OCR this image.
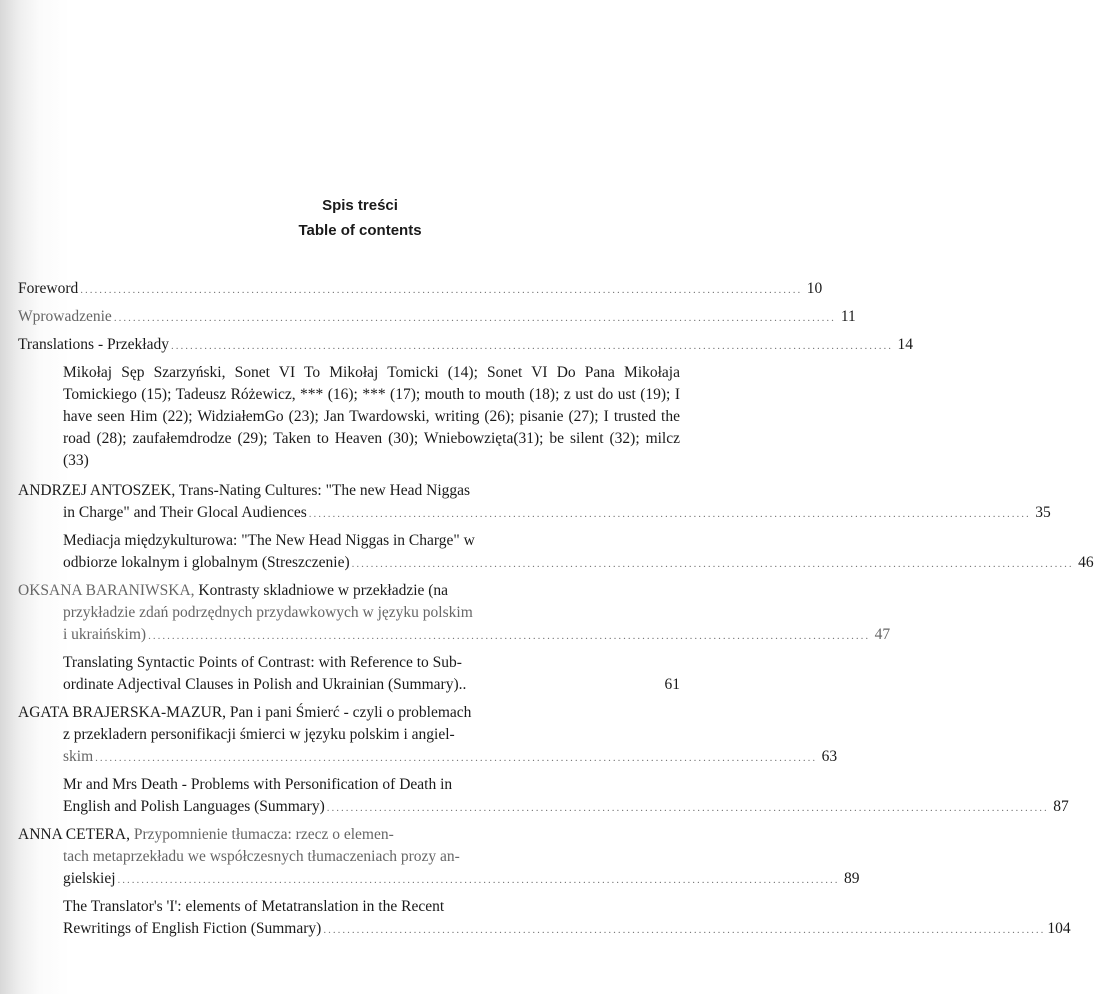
Spis treści
Table of contents
Foreword ........................................................................................................................................................ 10
Wprowadzenie ........................................................................................................................................................ 11
Translations - Przekłady ........................................................................................................................................................ 14
Mikołaj Sęp Szarzyński, Sonet VI To Mikołaj Tomicki (14); Sonet VI Do Pana Mikołaja Tomickiego (15); Tadeusz Różewicz, *** (16); *** (17); mouth to mouth (18); z ust do ust (19); I have seen Him (22); WidziałemGo (23); Jan Twardowski, writing (26); pisanie (27); I trusted the road (28); zaufałemdrodze (29); Taken to Heaven (30); Wniebowzięta(31); be silent (32); milcz (33)
ANDRZEJ ANTOSZEK, Trans-Nating Cultures: "The new Head Niggas
in Charge" and Their Glocal Audiences ........................................................................................................................................................ 35
Mediacja międzykulturowa: "The New Head Niggas in Charge" w
odbiorze lokalnym i globalnym (Streszczenie) ........................................................................................................................................................ 46
OKSANA BARANIWSKA, Kontrasty skladniowe w przekładzie (na
przykładzie zdań podrzędnych przydawkowych w języku polskim
i ukraińskim) ........................................................................................................................................................ 47
Translating Syntactic Points of Contrast: with Reference to Sub-
ordinate Adjectival Clauses in Polish and Ukrainian (Summary)..	61
AGATA BRAJERSKA-MAZUR, Pan i pani Śmierć - czyli o problemach
z przekladern personifikacji śmierci w języku polskim i angiel-
skim ........................................................................................................................................................ 63
Mr and Mrs Death - Problems with Personification of Death in
English and Polish Languages (Summary) ........................................................................................................................................................ 87
ANNA CETERA, Przypomnienie tłumacza: rzecz o elemen-
tach metaprzekładu we współczesnych tłumaczeniach prozy an-
gielskiej ........................................................................................................................................................ 89
The Translator's 'I': elements of Metatranslation in the Recent
Rewritings of English Fiction (Summary) ........................................................................................................................................................ 104
